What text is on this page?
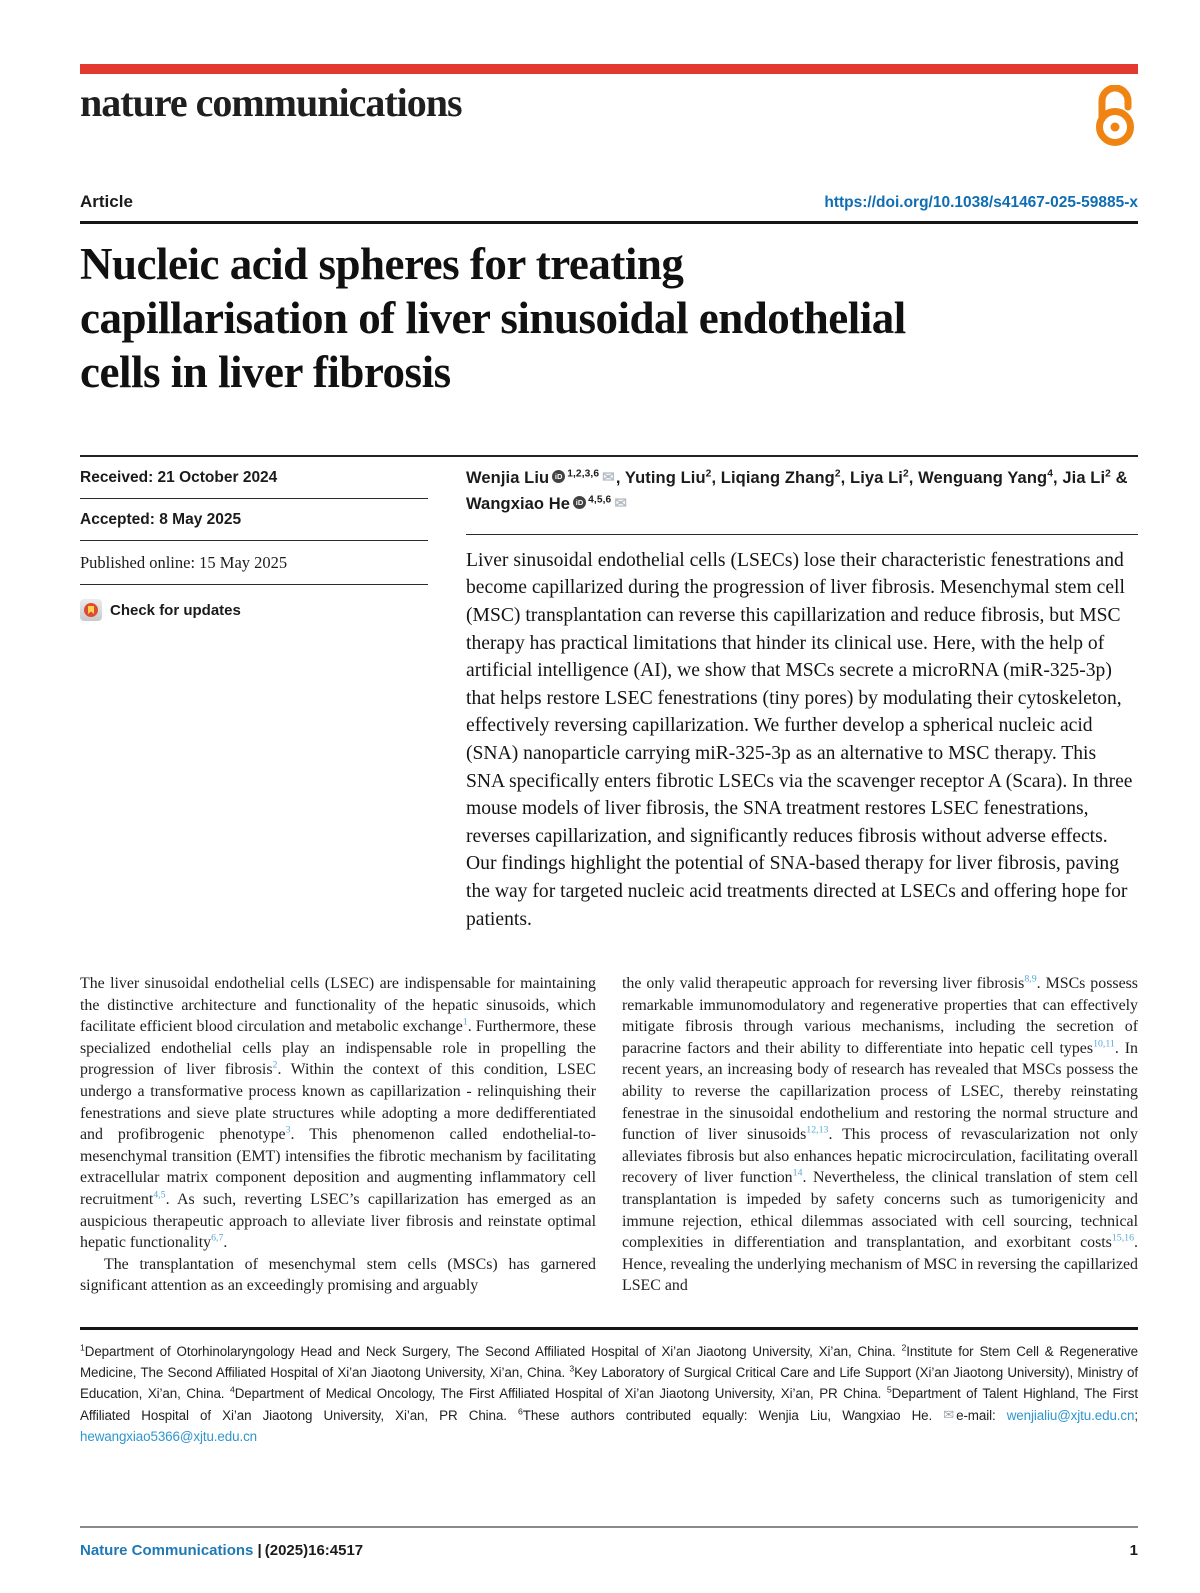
nature communications
Article	https://doi.org/10.1038/s41467-025-59885-x
Nucleic acid spheres for treating
capillarisation of liver sinusoidal endothelial
cells in liver fibrosis
Received: 21 October 2024
Accepted: 8 May 2025
Published online: 15 May 2025
Check for updates

Wenjia Liu iD $^{1,2,3,6}$ ✉, Yuting Liu$^2$, Liqiang Zhang$^2$, Liya Li$^2$, Wenguang Yang$^4$, Jia Li$^2$ & Wangxiao He iD $^{4,5,6}$ ✉

Liver sinusoidal endothelial cells (LSECs) lose their characteristic fenestrations and become capillarized during the progression of liver fibrosis. Mesenchymal stem cell (MSC) transplantation can reverse this capillarization and reduce fibrosis, but MSC therapy has practical limitations that hinder its clinical use. Here, with the help of artificial intelligence (AI), we show that MSCs secrete a microRNA (miR-325-3p) that helps restore LSEC fenestrations (tiny pores) by modulating their cytoskeleton, effectively reversing capillarization. We further develop a spherical nucleic acid (SNA) nanoparticle carrying miR-325-3p as an alternative to MSC therapy. This SNA specifically enters fibrotic LSECs via the scavenger receptor A (Scara). In three mouse models of liver fibrosis, the SNA treatment restores LSEC fenestrations, reverses capillarization, and significantly reduces fibrosis without adverse effects. Our findings highlight the potential of SNA-based therapy for liver fibrosis, paving the way for targeted nucleic acid treatments directed at LSECs and offering hope for patients.

The liver sinusoidal endothelial cells (LSEC) are indispensable for maintaining the distinctive architecture and functionality of the hepatic sinusoids, which facilitate efficient blood circulation and metabolic exchange$^1$. Furthermore, these specialized endothelial cells play an indispensable role in propelling the progression of liver fibrosis$^2$. Within the context of this condition, LSEC undergo a transformative process known as capillarization - relinquishing their fenestrations and sieve plate structures while adopting a more dedifferentiated and profibrogenic phenotype$^3$. This phenomenon called endothelial-to-mesenchymal transition (EMT) intensifies the fibrotic mechanism by facilitating extracellular matrix component deposition and augmenting inflammatory cell recruitment$^{4,5}$. As such, reverting LSEC’s capillarization has emerged as an auspicious therapeutic approach to alleviate liver fibrosis and reinstate optimal hepatic functionality$^{6,7}$.

The transplantation of mesenchymal stem cells (MSCs) has garnered significant attention as an exceedingly promising and arguably

the only valid therapeutic approach for reversing liver fibrosis$^{8,9}$. MSCs possess remarkable immunomodulatory and regenerative properties that can effectively mitigate fibrosis through various mechanisms, including the secretion of paracrine factors and their ability to differentiate into hepatic cell types$^{10,11}$. In recent years, an increasing body of research has revealed that MSCs possess the ability to reverse the capillarization process of LSEC, thereby reinstating fenestrae in the sinusoidal endothelium and restoring the normal structure and function of liver sinusoids$^{12,13}$. This process of revascularization not only alleviates fibrosis but also enhances hepatic microcirculation, facilitating overall recovery of liver function$^{14}$. Nevertheless, the clinical translation of stem cell transplantation is impeded by safety concerns such as tumorigenicity and immune rejection, ethical dilemmas associated with cell sourcing, technical complexities in differentiation and transplantation, and exorbitant costs$^{15,16}$. Hence, revealing the underlying mechanism of MSC in reversing the capillarized LSEC and

$^1$Department of Otorhinolaryngology Head and Neck Surgery, The Second Affiliated Hospital of Xi’an Jiaotong University, Xi’an, China. $^2$Institute for Stem Cell & Regenerative Medicine, The Second Affiliated Hospital of Xi’an Jiaotong University, Xi’an, China. $^3$Key Laboratory of Surgical Critical Care and Life Support (Xi’an Jiaotong University), Ministry of Education, Xi’an, China. $^4$Department of Medical Oncology, The First Affiliated Hospital of Xi’an Jiaotong University, Xi’an, PR China. $^5$Department of Talent Highland, The First Affiliated Hospital of Xi’an Jiaotong University, Xi’an, PR China. $^6$These authors contributed equally: Wenjia Liu, Wangxiao He. ✉ e-mail: wenjialiu@xjtu.edu.cn; hewangxiao5366@xjtu.edu.cn

Nature Communications | (2025)16:4517	1
